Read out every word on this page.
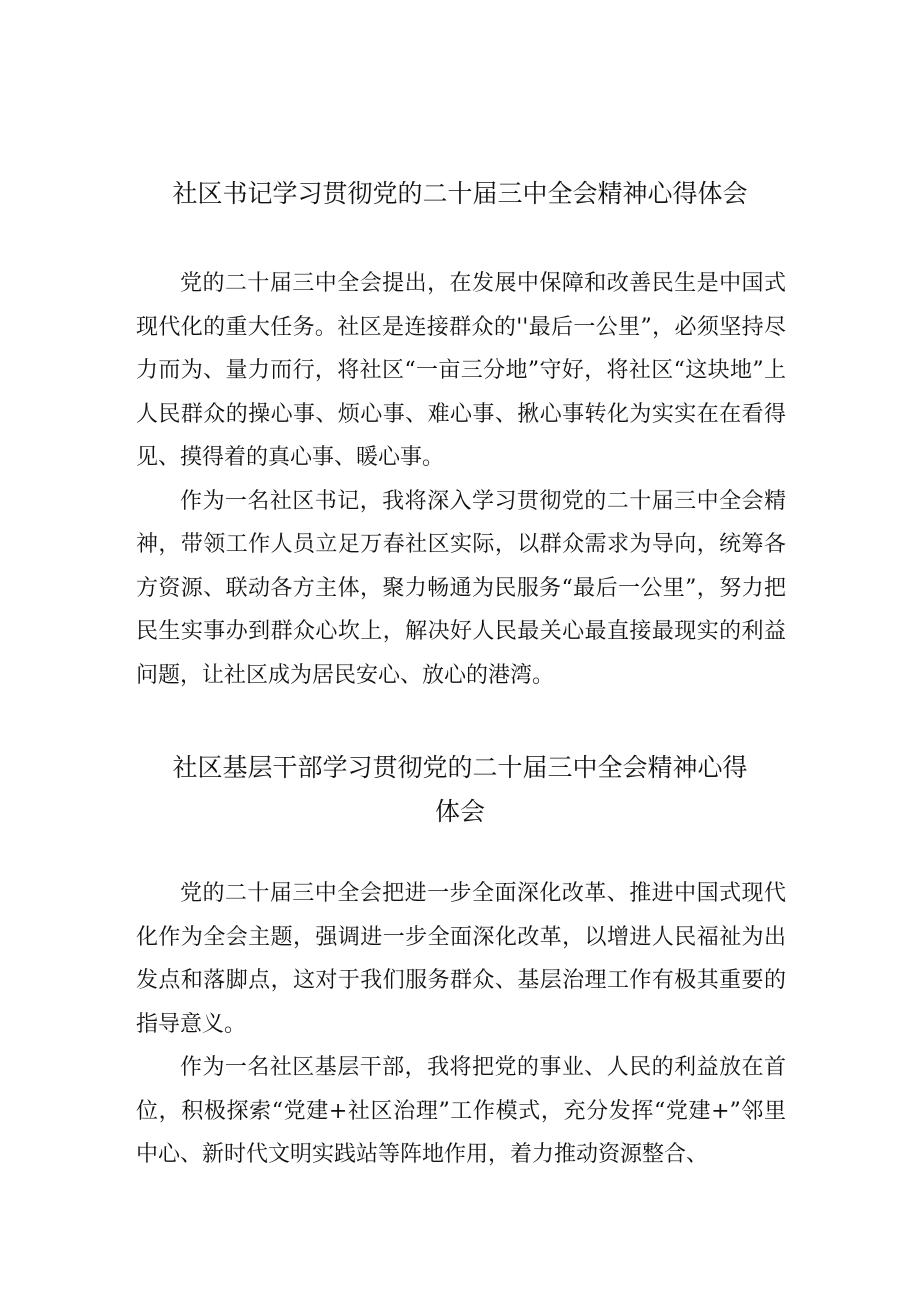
社区书记学习贯彻党的二十届三中全会精神心得体会

党的二十届三中全会提出，在发展中保障和改善民生是中国式现代化的重大任务。社区是连接群众的''最后一公里”，必须坚持尽力而为、量力而行，将社区“一亩三分地”守好，将社区“这块地”上人民群众的操心事、烦心事、难心事、揪心事转化为实实在在看得见、摸得着的真心事、暖心事。

作为一名社区书记，我将深入学习贯彻党的二十届三中全会精神，带领工作人员立足万春社区实际，以群众需求为导向，统筹各方资源、联动各方主体，聚力畅通为民服务“最后一公里”，努力把民生实事办到群众心坎上，解决好人民最关心最直接最现实的利益问题，让社区成为居民安心、放心的港湾。

社区基层干部学习贯彻党的二十届三中全会精神心得
体会

党的二十届三中全会把进一步全面深化改革、推进中国式现代化作为全会主题，强调进一步全面深化改革，以增进人民福祉为出发点和落脚点，这对于我们服务群众、基层治理工作有极其重要的指导意义。

作为一名社区基层干部，我将把党的事业、人民的利益放在首位，积极探索“党建+社区治理”工作模式，充分发挥“党建+”邻里中心、新时代文明实践站等阵地作用，着力推动资源整合、
